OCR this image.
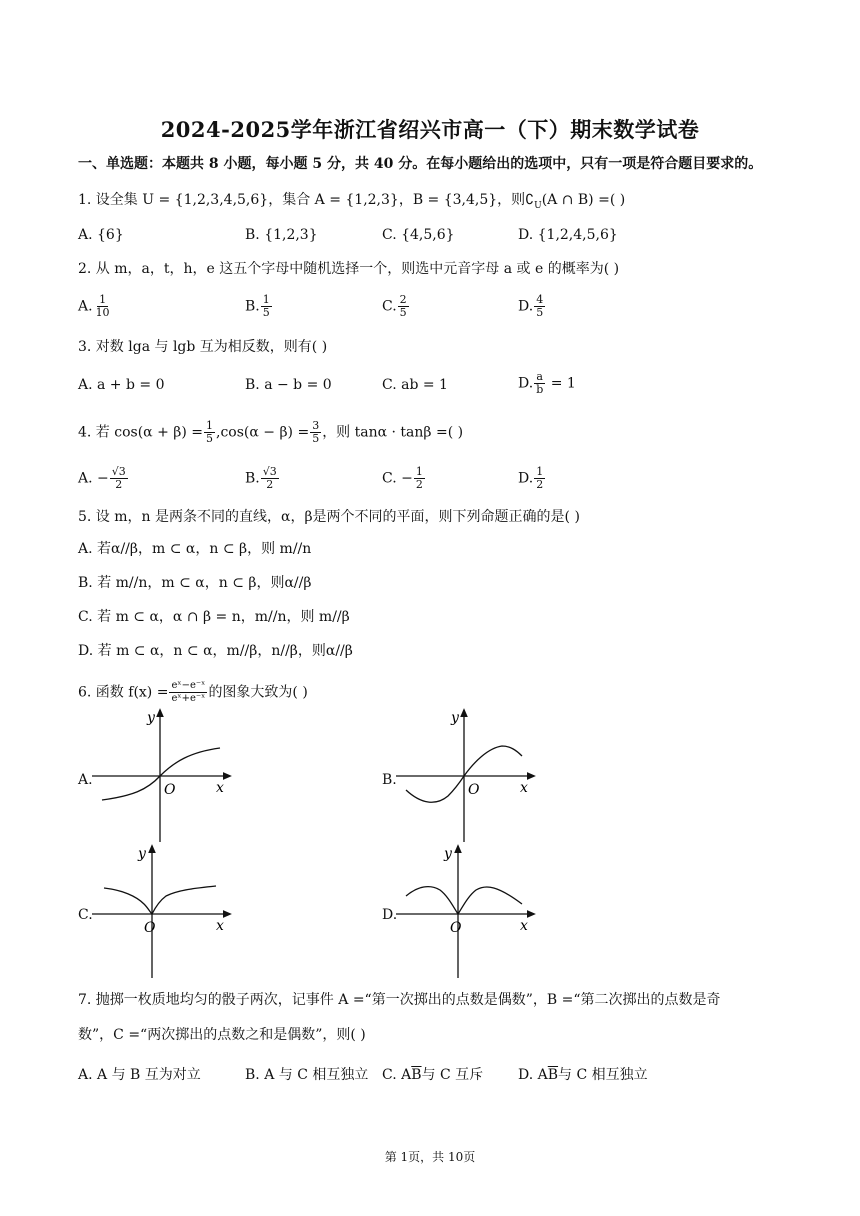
2024-2025学年浙江省绍兴市高一（下）期末数学试卷
一、单选题：本题共 8 小题，每小题 5 分，共 40 分。在每小题给出的选项中，只有一项是符合题目要求的。
1. 设全集 U = {1,2,3,4,5,6}，集合 A = {1,2,3}，B = {3,4,5}，则$∁_U(A$ ∩ B) =( )
A. {6}	B. {1,2,3}	C. {4,5,6}	D. {1,2,4,5,6}
2. 从 m，a，t，h，e 这五个字母中随机选择一个，则选中元音字母 a 或 e 的概率为( )
A. $\frac{1}{10}$	B. $\frac{1}{5}$	C. $\frac{2}{5}$	D. $\frac{4}{5}$
3. 对数 lga 与 lgb 互为相反数，则有( )
A. a + b = 0	B. a − b = 0	C. ab = 1	D. $\frac{a}{b} = 1$
4. 若 $\cos(\alpha + \beta) = \frac{1}{5} ,\cos(\alpha - \beta) = \frac{3}{5}$ ，则 tanα · tanβ =( )
A. − $\frac{√3}{2}$	B. $\frac{√3}{2}$	C. − $\frac{1}{2}$	D. $\frac{1}{2}$
5. 设 m，n 是两条不同的直线，α，β是两个不同的平面，则下列命题正确的是( )
A. 若α//β，m ⊂ α，n ⊂ β，则 m//n
B. 若 m//n，m ⊂ α，n ⊂ β，则α//β
C. 若 m ⊂ α，α ∩ β = n，m//n，则 m//β
D. 若 m ⊂ α，n ⊂ α，m//β，n//β，则α//β
6. 函数 $f(x) = \frac{\text{eˣ−e⁻ˣ}}{\text{eˣ+e⁻ˣ}}$ 的图象大致为( )
A.
y
x
O
B.
y
x
O
C.
y
x
O
D.
y
x
O
7. 抛掷一枚质地均匀的骰子两次，记事件 A =“第一次掷出的点数是偶数”，B =“第二次掷出的点数是奇
数”，C =“两次掷出的点数之和是偶数”，则( )
A. A 与 B 互为对立	B. A 与 C 相互独立 C. $A\overline{B}$与 C 互斥 D. $A\overline{B}$与 C 相互独立
第 1页，共 10页
